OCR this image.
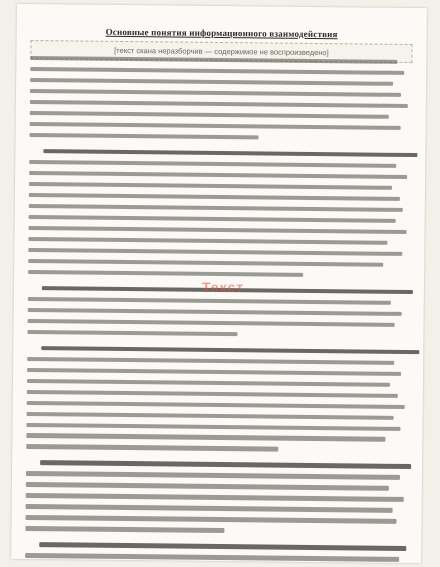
Основные понятия информационного взаимодействия
[текст скана неразборчив — содержимое не воспроизведено]
Текст
